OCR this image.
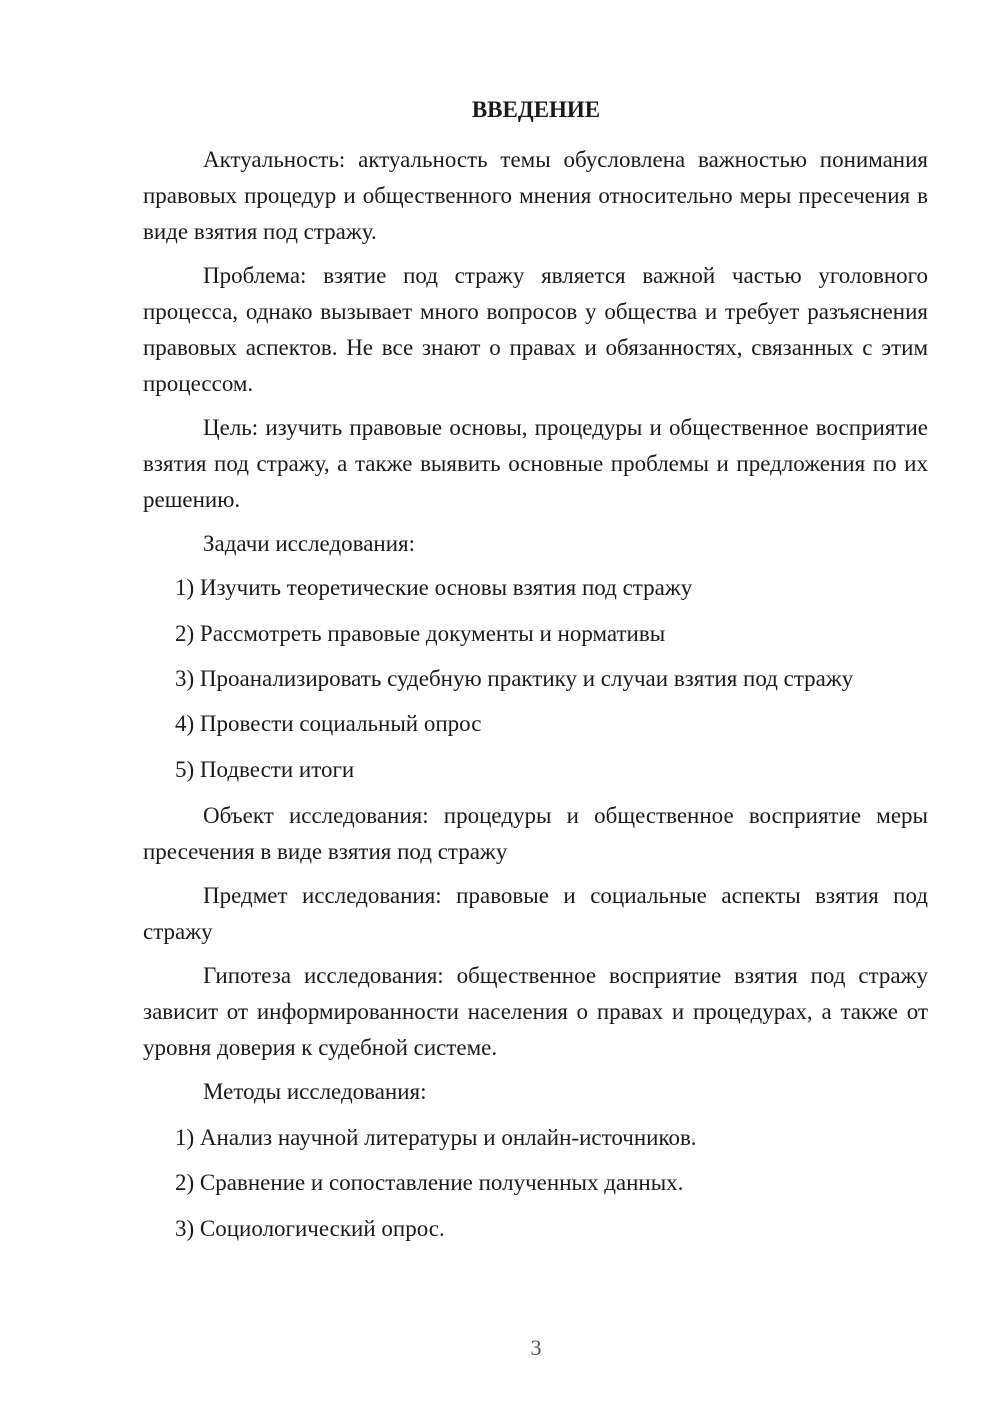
ВВЕДЕНИЕ

Актуальность: актуальность темы обусловлена важностью понимания правовых процедур и общественного мнения относительно меры пресечения в виде взятия под стражу.

Проблема: взятие под стражу является важной частью уголовного процесса, однако вызывает много вопросов у общества и требует разъяснения правовых аспектов. Не все знают о правах и обязанностях, связанных с этим процессом.

Цель: изучить правовые основы, процедуры и общественное восприятие взятия под стражу, а также выявить основные проблемы и предложения по их решению.

Задачи исследования:

1) Изучить теоретические основы взятия под стражу

2) Рассмотреть правовые документы и нормативы

3) Проанализировать судебную практику и случаи взятия под стражу

4) Провести социальный опрос

5) Подвести итоги

Объект исследования: процедуры и общественное восприятие меры пресечения в виде взятия под стражу

Предмет исследования: правовые и социальные аспекты взятия под стражу

Гипотеза исследования: общественное восприятие взятия под стражу зависит от информированности населения о правах и процедурах, а также от уровня доверия к судебной системе.

Методы исследования:

1) Анализ научной литературы и онлайн-источников.

2) Сравнение и сопоставление полученных данных.

3) Социологический опрос.

3
